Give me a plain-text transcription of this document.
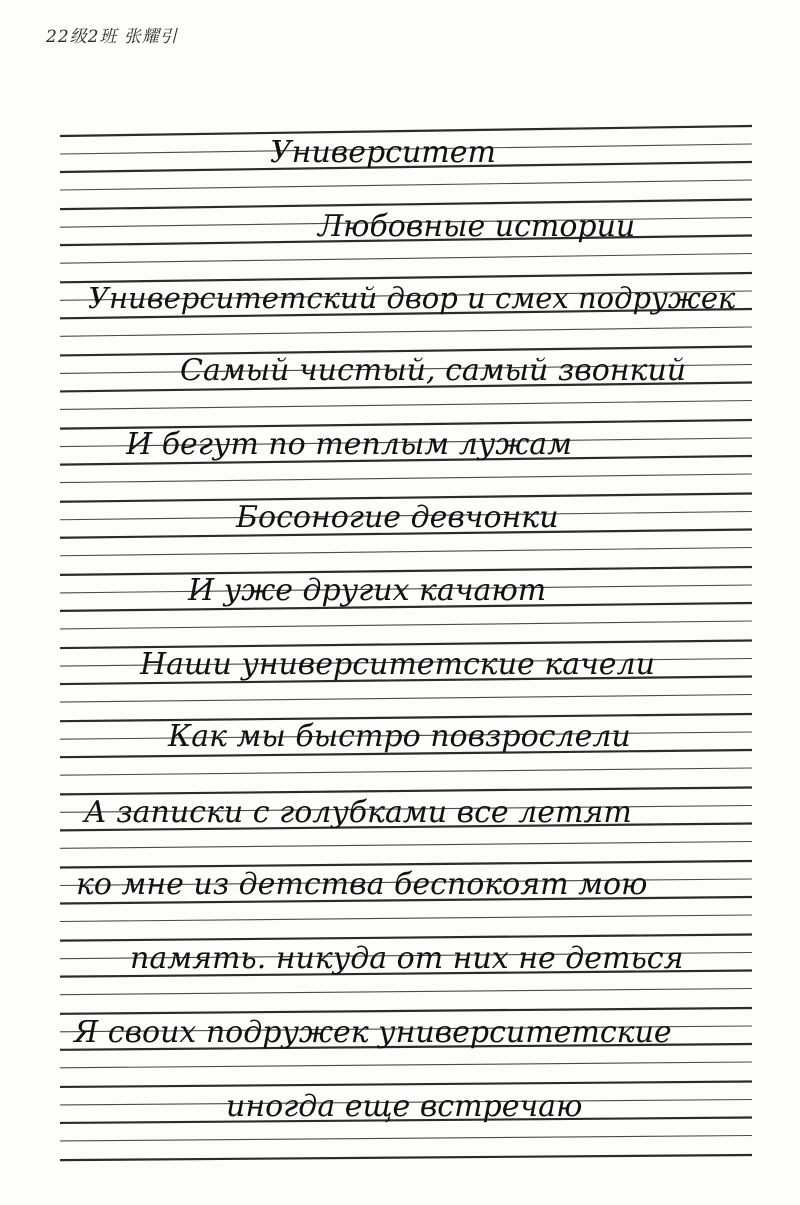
22级2班 张耀引
Университет
Любовные истории
Университетский двор и смех подружек
Самый чистый, самый звонкий
И бегут по теплым лужам
Босоногие девчонки
И уже других качают
Наши университетские качели
Как мы быстро повзрослели
А записки с голубками все летят
ко мне из детства беспокоят мою
память. никуда от них не деться
Я своих подружек университетские
иногда еще встречаю
